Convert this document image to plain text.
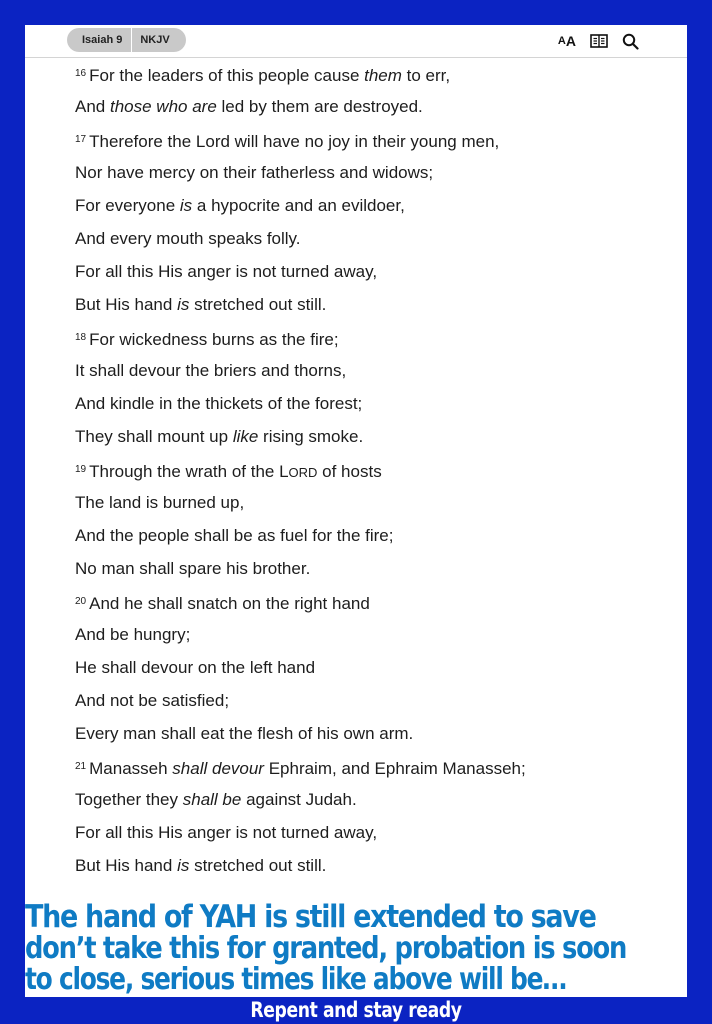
Isaiah 9	NKJV	A A
$^{16}$ For the leaders of this people cause them to err,
And those who are led by them are destroyed.
$^{17}$ Therefore the Lord will have no joy in their young men,
Nor have mercy on their fatherless and widows;
For everyone is a hypocrite and an evildoer,
And every mouth speaks folly.
For all this His anger is not turned away,
But His hand is stretched out still.
$^{18}$ For wickedness burns as the fire;
It shall devour the briers and thorns,
And kindle in the thickets of the forest;
They shall mount up like rising smoke.
$^{19}$ Through the wrath of the LORD of hosts
The land is burned up,
And the people shall be as fuel for the fire;
No man shall spare his brother.
$^{20}$ And he shall snatch on the right hand
And be hungry;
He shall devour on the left hand
And not be satisfied;
Every man shall eat the flesh of his own arm.
$^{21}$ Manasseh shall devour Ephraim, and Ephraim Manasseh;
Together they shall be against Judah.
For all this His anger is not turned away,
But His hand is stretched out still.
The hand of YAH is still extended to save
don’t take this for granted, probation is soon
to close, serious times like above will be…
Repent and stay ready
